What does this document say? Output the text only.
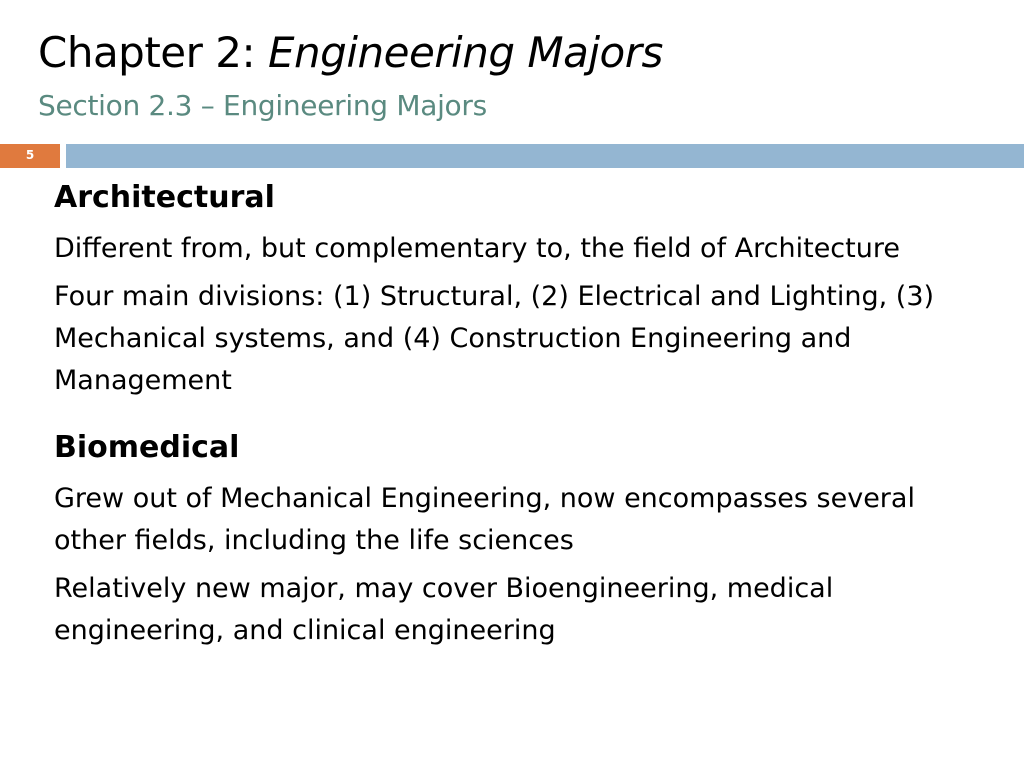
Chapter 2: Engineering Majors
Section 2.3 – Engineering Majors
5
Architectural
Different from, but complementary to, the field of Architecture
Four main divisions: (1) Structural, (2) Electrical and Lighting, (3) Mechanical systems, and (4) Construction Engineering and Management
Biomedical
Grew out of Mechanical Engineering, now encompasses several other fields, including the life sciences
Relatively new major, may cover Bioengineering, medical engineering, and clinical engineering
